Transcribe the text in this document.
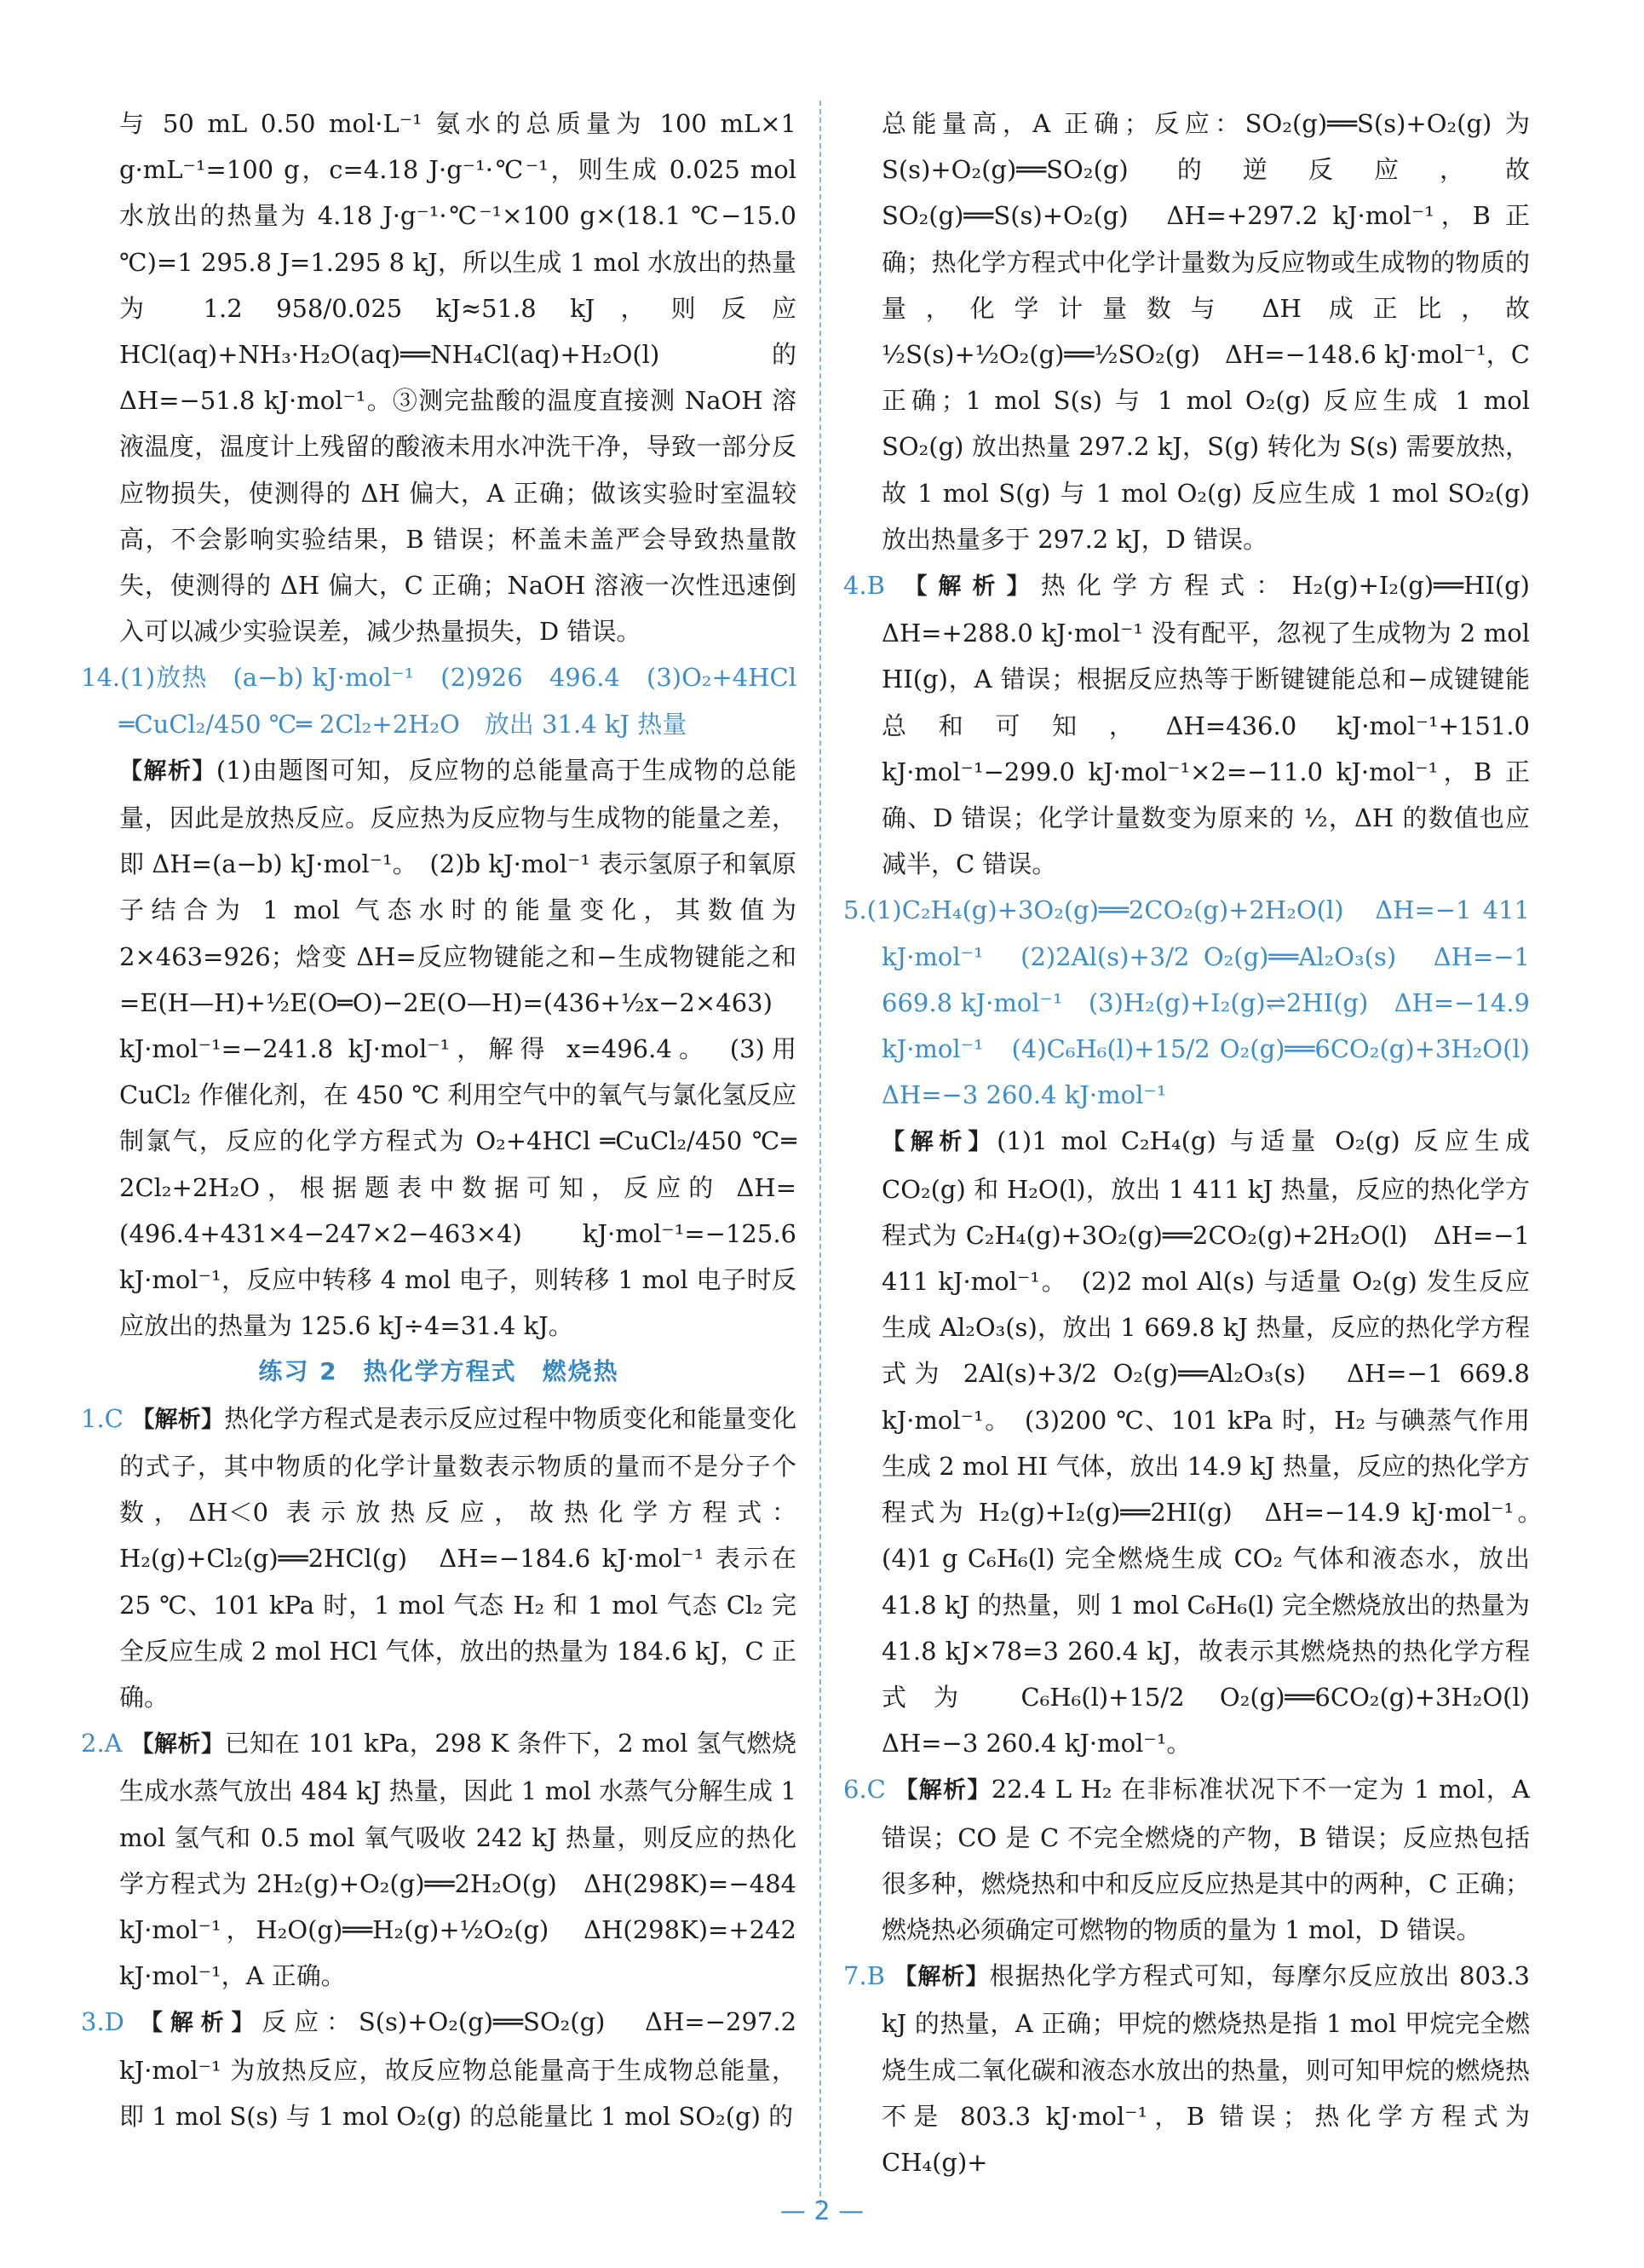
与 50 mL 0.50 mol·L⁻¹ 氨水的总质量为 100 mL×1 g·mL⁻¹=100 g，c=4.18 J·g⁻¹·℃⁻¹，则生成 0.025 mol 水放出的热量为 4.18 J·g⁻¹·℃⁻¹×100 g×(18.1 ℃−15.0 ℃)=1 295.8 J=1.295 8 kJ，所以生成 1 mol 水放出的热量为 1.2 958/0.025 kJ≈51.8 kJ，则反应 HCl(aq)+NH₃·H₂O(aq)══NH₄Cl(aq)+H₂O(l) 的 ΔH=−51.8 kJ·mol⁻¹。③测完盐酸的温度直接测 NaOH 溶液温度，温度计上残留的酸液未用水冲洗干净，导致一部分反应物损失，使测得的 ΔH 偏大，A 正确；做该实验时室温较高，不会影响实验结果，B 错误；杯盖未盖严会导致热量散失，使测得的 ΔH 偏大，C 正确；NaOH 溶液一次性迅速倒入可以减少实验误差，减少热量损失，D 错误。

14.(1)放热　(a−b) kJ·mol⁻¹　(2)926　496.4　(3)O₂+4HCl ═CuCl₂/450 ℃═ 2Cl₂+2H₂O　放出 31.4 kJ 热量

【解析】(1)由题图可知，反应物的总能量高于生成物的总能量，因此是放热反应。反应热为反应物与生成物的能量之差，即 ΔH=(a−b) kJ·mol⁻¹。　(2)b kJ·mol⁻¹ 表示氢原子和氧原子结合为 1 mol 气态水时的能量变化，其数值为 2×463=926；焓变 ΔH=反应物键能之和−生成物键能之和=E(H—H)+½E(O═O)−2E(O—H)=(436+½x−2×463) kJ·mol⁻¹=−241.8 kJ·mol⁻¹，解得 x=496.4。　(3)用 CuCl₂ 作催化剂，在 450 ℃ 利用空气中的氧气与氯化氢反应制氯气，反应的化学方程式为 O₂+4HCl ═CuCl₂/450 ℃═ 2Cl₂+2H₂O，根据题表中数据可知，反应的 ΔH=(496.4+431×4−247×2−463×4) kJ·mol⁻¹=−125.6 kJ·mol⁻¹，反应中转移 4 mol 电子，则转移 1 mol 电子时反应放出的热量为 125.6 kJ÷4=31.4 kJ。

练习 2　热化学方程式　燃烧热

1.C 【解析】热化学方程式是表示反应过程中物质变化和能量变化的式子，其中物质的化学计量数表示物质的量而不是分子个数，ΔH＜0 表示放热反应，故热化学方程式：H₂(g)+Cl₂(g)══2HCl(g)　ΔH=−184.6 kJ·mol⁻¹ 表示在 25 ℃、101 kPa 时，1 mol 气态 H₂ 和 1 mol 气态 Cl₂ 完全反应生成 2 mol HCl 气体，放出的热量为 184.6 kJ，C 正确。

2.A 【解析】已知在 101 kPa，298 K 条件下，2 mol 氢气燃烧生成水蒸气放出 484 kJ 热量，因此 1 mol 水蒸气分解生成 1 mol 氢气和 0.5 mol 氧气吸收 242 kJ 热量，则反应的热化学方程式为 2H₂(g)+O₂(g)══2H₂O(g)　ΔH(298K)=−484 kJ·mol⁻¹，H₂O(g)══H₂(g)+½O₂(g)　ΔH(298K)=+242 kJ·mol⁻¹，A 正确。

3.D 【解析】反应：S(s)+O₂(g)══SO₂(g)　ΔH=−297.2 kJ·mol⁻¹ 为放热反应，故反应物总能量高于生成物总能量，即 1 mol S(s) 与 1 mol O₂(g) 的总能量比 1 mol SO₂(g) 的

总能量高，A 正确；反应：SO₂(g)══S(s)+O₂(g) 为 S(s)+O₂(g)══SO₂(g) 的逆反应，故 SO₂(g)══S(s)+O₂(g)　ΔH=+297.2 kJ·mol⁻¹，B 正确；热化学方程式中化学计量数为反应物或生成物的物质的量，化学计量数与 ΔH 成正比，故 ½S(s)+½O₂(g)══½SO₂(g)　ΔH=−148.6 kJ·mol⁻¹，C 正确；1 mol S(s) 与 1 mol O₂(g) 反应生成 1 mol SO₂(g) 放出热量 297.2 kJ，S(g) 转化为 S(s) 需要放热，故 1 mol S(g) 与 1 mol O₂(g) 反应生成 1 mol SO₂(g) 放出热量多于 297.2 kJ，D 错误。

4.B 【解析】热化学方程式：H₂(g)+I₂(g)══HI(g)　ΔH=+288.0 kJ·mol⁻¹ 没有配平，忽视了生成物为 2 mol HI(g)，A 错误；根据反应热等于断键键能总和−成键键能总和可知，ΔH=436.0 kJ·mol⁻¹+151.0 kJ·mol⁻¹−299.0 kJ·mol⁻¹×2=−11.0 kJ·mol⁻¹，B 正确、D 错误；化学计量数变为原来的 ½，ΔH 的数值也应减半，C 错误。

5.(1)C₂H₄(g)+3O₂(g)══2CO₂(g)+2H₂O(l)　ΔH=−1 411 kJ·mol⁻¹　(2)2Al(s)+3/2 O₂(g)══Al₂O₃(s)　ΔH=−1 669.8 kJ·mol⁻¹　(3)H₂(g)+I₂(g)⇌2HI(g)　ΔH=−14.9 kJ·mol⁻¹　(4)C₆H₆(l)+15/2 O₂(g)══6CO₂(g)+3H₂O(l)　ΔH=−3 260.4 kJ·mol⁻¹

【解析】(1)1 mol C₂H₄(g) 与适量 O₂(g) 反应生成 CO₂(g) 和 H₂O(l)，放出 1 411 kJ 热量，反应的热化学方程式为 C₂H₄(g)+3O₂(g)══2CO₂(g)+2H₂O(l)　ΔH=−1 411 kJ·mol⁻¹。　(2)2 mol Al(s) 与适量 O₂(g) 发生反应生成 Al₂O₃(s)，放出 1 669.8 kJ 热量，反应的热化学方程式为 2Al(s)+3/2 O₂(g)══Al₂O₃(s)　ΔH=−1 669.8 kJ·mol⁻¹。　(3)200 ℃、101 kPa 时，H₂ 与碘蒸气作用生成 2 mol HI 气体，放出 14.9 kJ 热量，反应的热化学方程式为 H₂(g)+I₂(g)══2HI(g)　ΔH=−14.9 kJ·mol⁻¹。　(4)1 g C₆H₆(l) 完全燃烧生成 CO₂ 气体和液态水，放出 41.8 kJ 的热量，则 1 mol C₆H₆(l) 完全燃烧放出的热量为 41.8 kJ×78=3 260.4 kJ，故表示其燃烧热的热化学方程式为 C₆H₆(l)+15/2 O₂(g)══6CO₂(g)+3H₂O(l)　ΔH=−3 260.4 kJ·mol⁻¹。

6.C 【解析】22.4 L H₂ 在非标准状况下不一定为 1 mol，A 错误；CO 是 C 不完全燃烧的产物，B 错误；反应热包括很多种，燃烧热和中和反应反应热是其中的两种，C 正确；燃烧热必须确定可燃物的物质的量为 1 mol，D 错误。

7.B 【解析】根据热化学方程式可知，每摩尔反应放出 803.3 kJ 的热量，A 正确；甲烷的燃烧热是指 1 mol 甲烷完全燃烧生成二氧化碳和液态水放出的热量，则可知甲烷的燃烧热不是 803.3 kJ·mol⁻¹，B 错误；热化学方程式为 CH₄(g)+

— 2 —
